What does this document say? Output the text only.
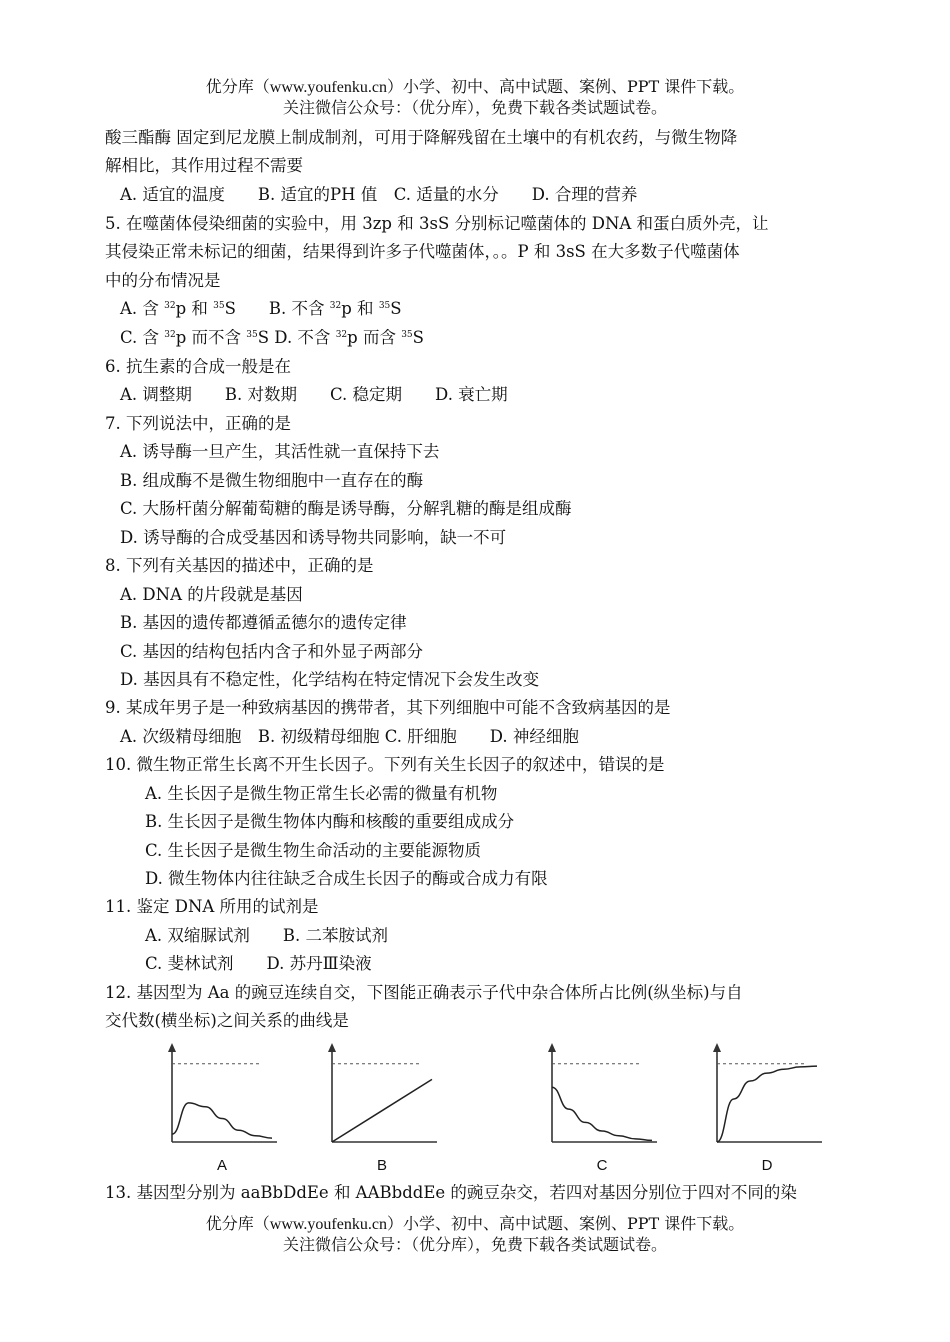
优分库（www.youfenku.cn）小学、初中、高中试题、案例、PPT 课件下载。
关注微信公众号：（优分库），免费下载各类试题试卷。
酸三酯酶 固定到尼龙膜上制成制剂，可用于降解残留在土壤中的有机农药，与微生物降
解相比，其作用过程不需要
A. 适宜的温度　　B. 适宜的PH 值　C. 适量的水分　　D. 合理的营养
5. 在噬菌体侵染细菌的实验中，用 3zp 和 3sS 分别标记噬菌体的 DNA 和蛋白质外壳，让
其侵染正常未标记的细菌，结果得到许多子代噬菌体，。。P 和 3sS 在大多数子代噬菌体
中的分布情况是
A. 含 $^{32}$p 和 $^{35}$S　　B. 不含 $^{32}$p 和 $^{35}$S
C. 含 $^{32}$p 而不含 $^{35}$S D. 不含 $^{32}$p 而含 $^{35}$S
6. 抗生素的合成一般是在
A. 调整期　　B. 对数期　　C. 稳定期　　D. 衰亡期
7. 下列说法中，正确的是
A. 诱导酶一旦产生，其活性就一直保持下去
B. 组成酶不是微生物细胞中一直存在的酶
C. 大肠杆菌分解葡萄糖的酶是诱导酶，分解乳糖的酶是组成酶
D. 诱导酶的合成受基因和诱导物共同影响，缺一不可
8. 下列有关基因的描述中，正确的是
A. DNA 的片段就是基因
B. 基因的遗传都遵循孟德尔的遗传定律
C. 基因的结构包括内含子和外显子两部分
D. 基因具有不稳定性，化学结构在特定情况下会发生改变
9. 某成年男子是一种致病基因的携带者，其下列细胞中可能不含致病基因的是
A. 次级精母细胞　B. 初级精母细胞 C. 肝细胞　　D. 神经细胞
10. 微生物正常生长离不开生长因子。下列有关生长因子的叙述中，错误的是
A. 生长因子是微生物正常生长必需的微量有机物
B. 生长因子是微生物体内酶和核酸的重要组成成分
C. 生长因子是微生物生命活动的主要能源物质
D. 微生物体内往往缺乏合成生长因子的酶或合成力有限
11. 鉴定 DNA 所用的试剂是
A. 双缩脲试剂　　B. 二苯胺试剂
C. 斐林试剂　　D. 苏丹Ⅲ染液
12. 基因型为 Aa 的豌豆连续自交，下图能正确表示子代中杂合体所占比例(纵坐标)与自
交代数(横坐标)之间关系的曲线是
A	B	C	D
13. 基因型分别为 aaBbDdEe 和 AABbddEe 的豌豆杂交，若四对基因分别位于四对不同的染
优分库（www.youfenku.cn）小学、初中、高中试题、案例、PPT 课件下载。
关注微信公众号：（优分库），免费下载各类试题试卷。
